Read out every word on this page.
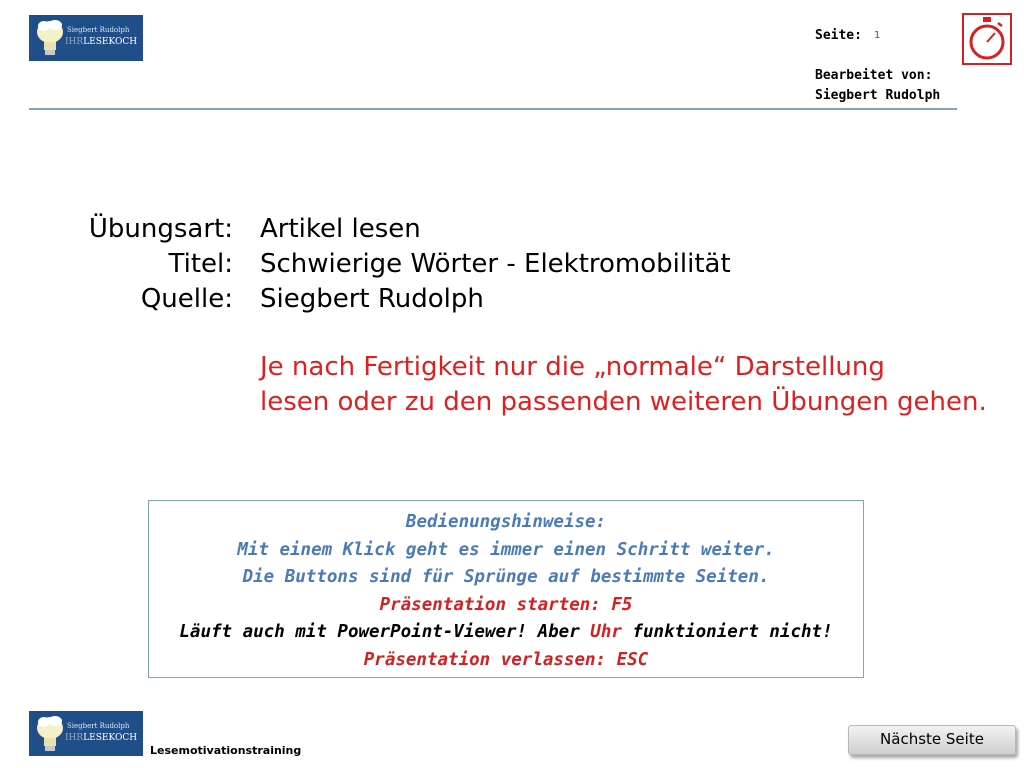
Siegbert Rudolph
IHRLESEKOCH	Seite: 1
Bearbeitet von:
Siegbert Rudolph
Übungsart: Artikel lesen
Titel: Schwierige Wörter - Elektromobilität
Quelle: Siegbert Rudolph
Je nach Fertigkeit nur die „normale“ Darstellung
lesen oder zu den passenden weiteren Übungen gehen.
Bedienungshinweise:
Mit einem Klick geht es immer einen Schritt weiter.
Die Buttons sind für Sprünge auf bestimmte Seiten.
Präsentation starten: F5
Läuft auch mit PowerPoint-Viewer! Aber Uhr funktioniert nicht!
Präsentation verlassen: ESC
Siegbert Rudolph
IHRLESEKOCH
Lesemotivationstraining
Nächste Seite
